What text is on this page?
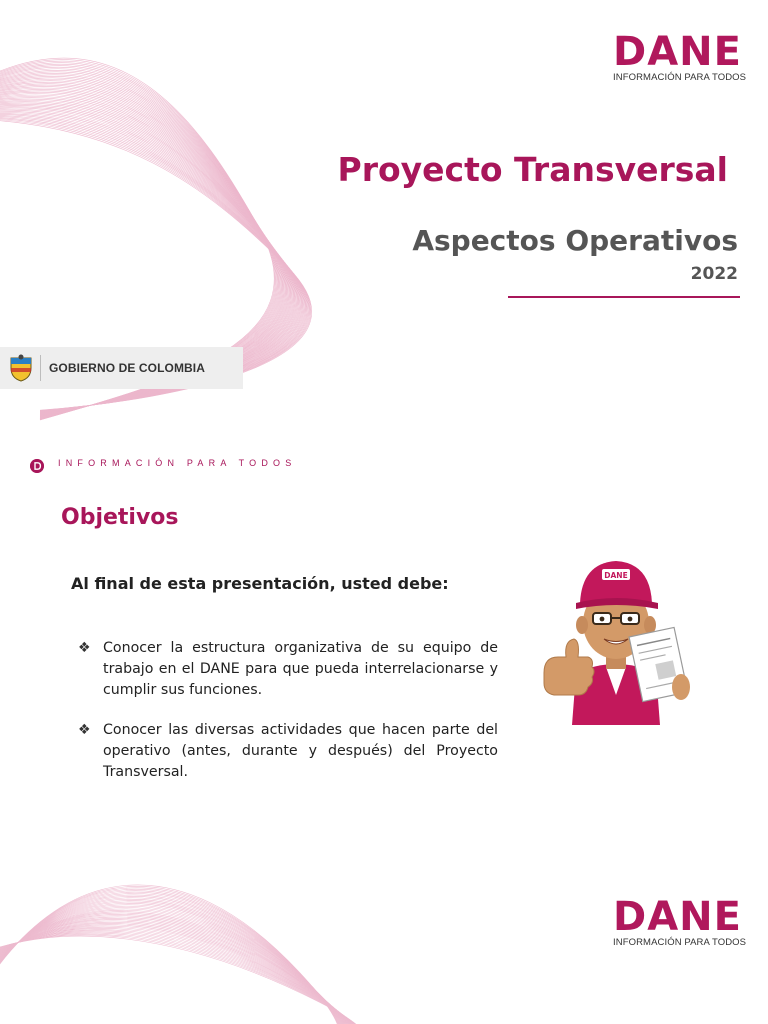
DANE
INFORMACIÓN PARA TODOS
Proyecto Transversal
Aspectos Operativos
2022
GOBIERNO DE COLOMBIA
INFORMACIÓN PARA TODOS
Objetivos
Al final de esta presentación, usted debe:
❖ Conocer la estructura organizativa de su equipo de trabajo en el DANE para que pueda interrelacionarse y cumplir sus funciones.
❖ Conocer las diversas actividades que hacen parte del operativo (antes, durante y después) del Proyecto Transversal.
DANE
DANE
INFORMACIÓN PARA TODOS
